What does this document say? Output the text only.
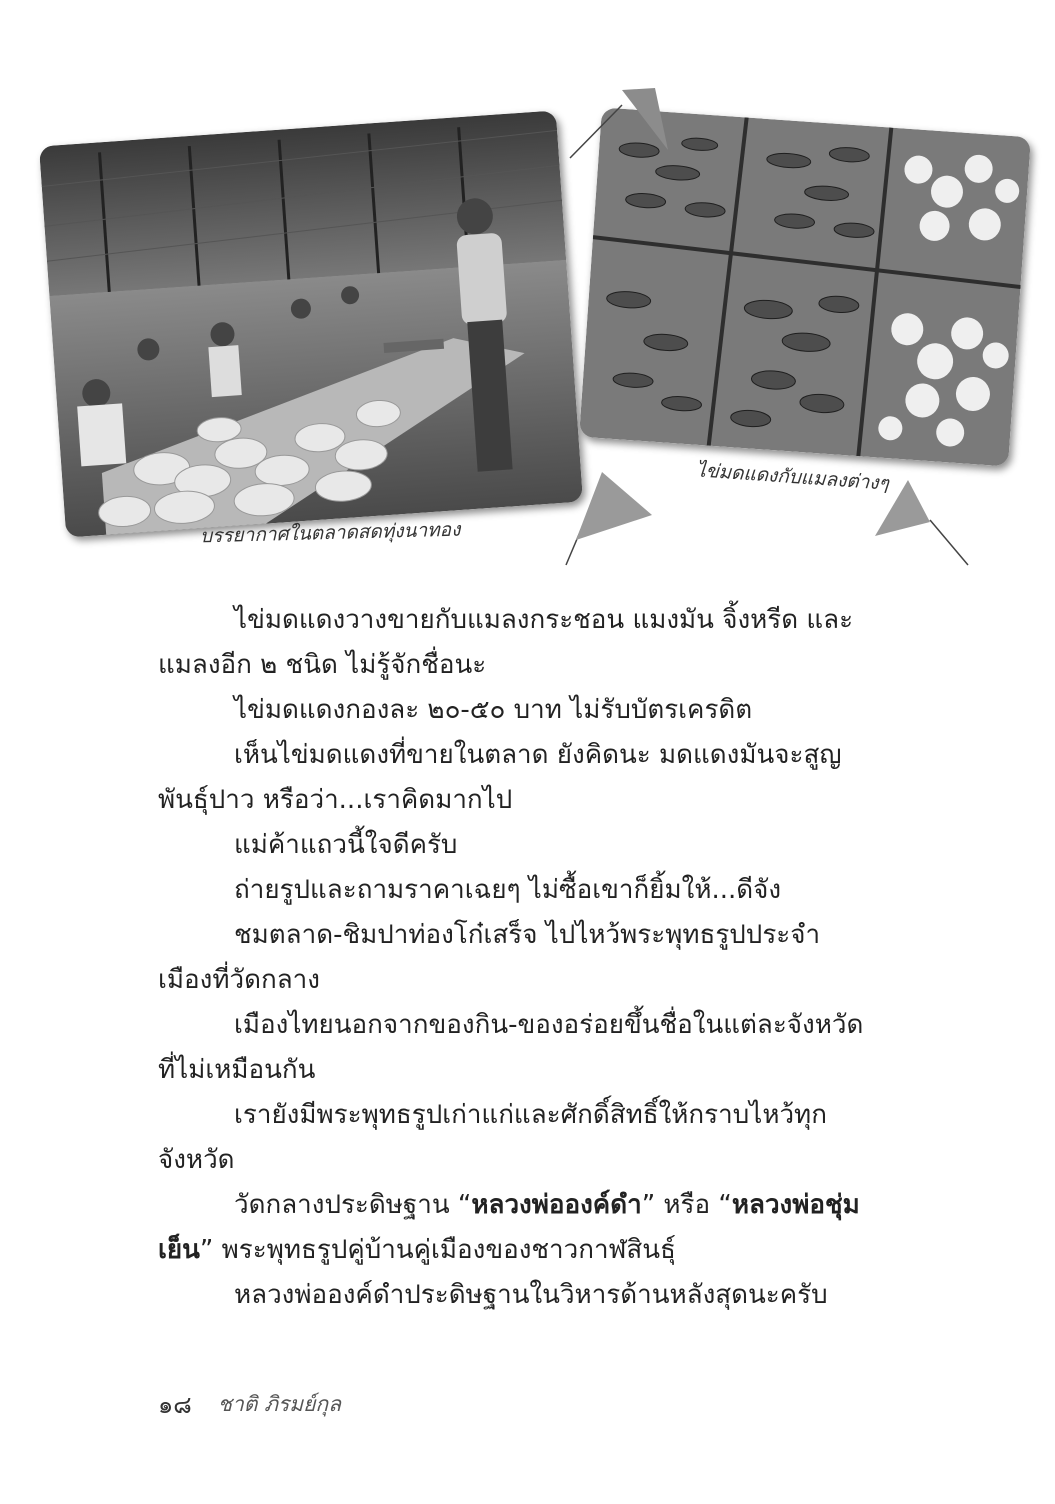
บรรยากาศในตลาดสดทุ่งนาทอง
ไข่มดแดงกับแมลงต่างๆ

ไข่มดแดงวางขายกับแมลงกระชอน แมงมัน จิ้งหรีด และแมลงอีก ๒ ชนิด ไม่รู้จักชื่อนะ

ไข่มดแดงกองละ ๒๐-๕๐ บาท ไม่รับบัตรเครดิต

เห็นไข่มดแดงที่ขายในตลาด ยังคิดนะ มดแดงมันจะสูญพันธุ์ปาว หรือว่า...เราคิดมากไป

แม่ค้าแถวนี้ใจดีครับ

ถ่ายรูปและถามราคาเฉยๆ ไม่ซื้อเขาก็ยิ้มให้...ดีจัง

ชมตลาด-ชิมปาท่องโก๋เสร็จ ไปไหว้พระพุทธรูปประจำเมืองที่วัดกลาง

เมืองไทยนอกจากของกิน-ของอร่อยขึ้นชื่อในแต่ละจังหวัดที่ไม่เหมือนกัน

เรายังมีพระพุทธรูปเก่าแก่และศักดิ์สิทธิ์ให้กราบไหว้ทุกจังหวัด

วัดกลางประดิษฐาน “หลวงพ่อองค์ดำ” หรือ “หลวงพ่อชุ่มเย็น” พระพุทธรูปคู่บ้านคู่เมืองของชาวกาฬสินธุ์

หลวงพ่อองค์ดำประดิษฐานในวิหารด้านหลังสุดนะครับ

๑๘ ชาติ ภิรมย์กุล
